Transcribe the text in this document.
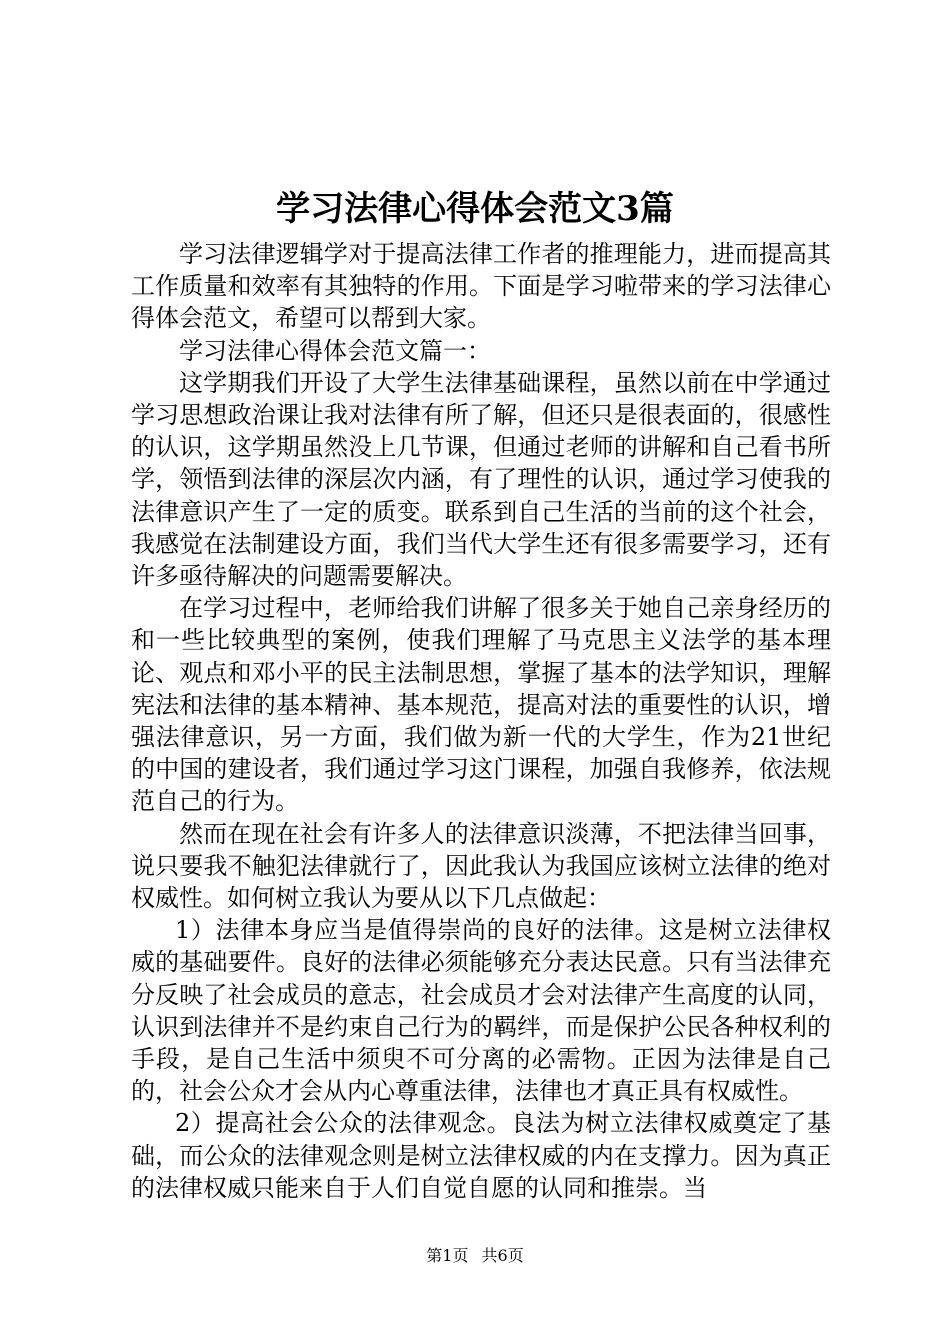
学习法律心得体会范文3篇

学习法律逻辑学对于提高法律工作者的推理能力，进而提高其工作质量和效率有其独特的作用。下面是学习啦带来的学习法律心得体会范文，希望可以帮到大家。

学习法律心得体会范文篇一：

这学期我们开设了大学生法律基础课程，虽然以前在中学通过学习思想政治课让我对法律有所了解，但还只是很表面的，很感性的认识，这学期虽然没上几节课，但通过老师的讲解和自己看书所学，领悟到法律的深层次内涵，有了理性的认识，通过学习使我的法律意识产生了一定的质变。联系到自己生活的当前的这个社会，我感觉在法制建设方面，我们当代大学生还有很多需要学习，还有许多亟待解决的问题需要解决。

在学习过程中，老师给我们讲解了很多关于她自己亲身经历的和一些比较典型的案例，使我们理解了马克思主义法学的基本理论、观点和邓小平的民主法制思想，掌握了基本的法学知识，理解宪法和法律的基本精神、基本规范，提高对法的重要性的认识，增强法律意识，另一方面，我们做为新一代的大学生，作为21世纪的中国的建设者，我们通过学习这门课程，加强自我修养，依法规范自己的行为。

然而在现在社会有许多人的法律意识淡薄，不把法律当回事，说只要我不触犯法律就行了，因此我认为我国应该树立法律的绝对权威性。如何树立我认为要从以下几点做起：

1）法律本身应当是值得崇尚的良好的法律。这是树立法律权威的基础要件。良好的法律必须能够充分表达民意。只有当法律充分反映了社会成员的意志，社会成员才会对法律产生高度的认同，认识到法律并不是约束自己行为的羁绊，而是保护公民各种权利的手段，是自己生活中须臾不可分离的必需物。正因为法律是自己的，社会公众才会从内心尊重法律，法律也才真正具有权威性。

2）提高社会公众的法律观念。良法为树立法律权威奠定了基础，而公众的法律观念则是树立法律权威的内在支撑力。因为真正的法律权威只能来自于人们自觉自愿的认同和推崇。当

第1页 共6页
